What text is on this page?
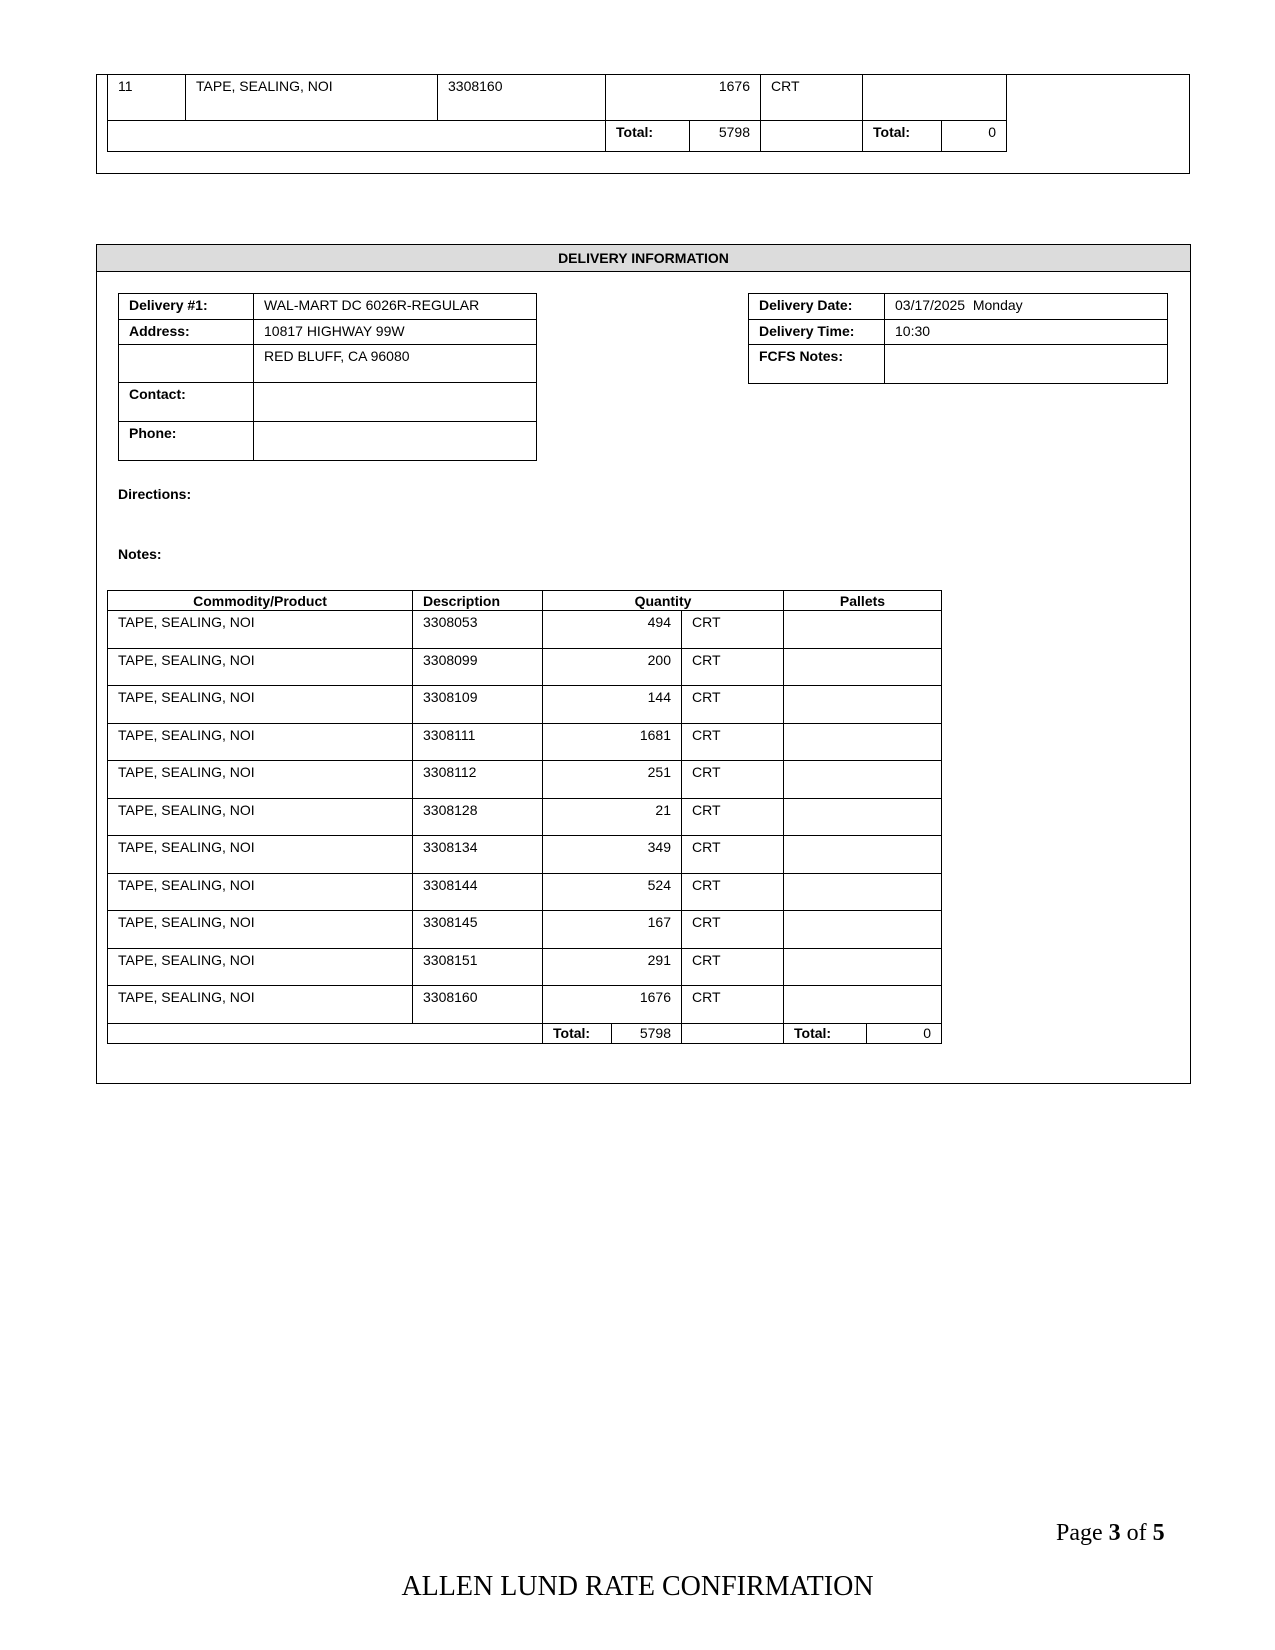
11	TAPE, SEALING, NOI	3308160	1676		CRT		
			Total:	5798		Total:	0
DELIVERY INFORMATION
Delivery #1:	WAL-MART DC 6026R-REGULAR
Address:	10817 HIGHWAY 99W
	RED BLUFF, CA 96080
Contact:	
Phone:	
Delivery Date:	03/17/2025  Monday
Delivery Time:	10:30
FCFS Notes:	
Directions:
Notes:
Commodity/Product	Description	Quantity			Pallets	
TAPE, SEALING, NOI	3308053	494		CRT		
TAPE, SEALING, NOI	3308099	200		CRT		
TAPE, SEALING, NOI	3308109	144		CRT		
TAPE, SEALING, NOI	3308111	1681		CRT		
TAPE, SEALING, NOI	3308112	251		CRT		
TAPE, SEALING, NOI	3308128	21		CRT		
TAPE, SEALING, NOI	3308134	349		CRT		
TAPE, SEALING, NOI	3308144	524		CRT		
TAPE, SEALING, NOI	3308145	167		CRT		
TAPE, SEALING, NOI	3308151	291		CRT		
TAPE, SEALING, NOI	3308160	1676		CRT		
		Total:	5798		Total:	0
Page 3 of 5
ALLEN LUND RATE CONFIRMATION
